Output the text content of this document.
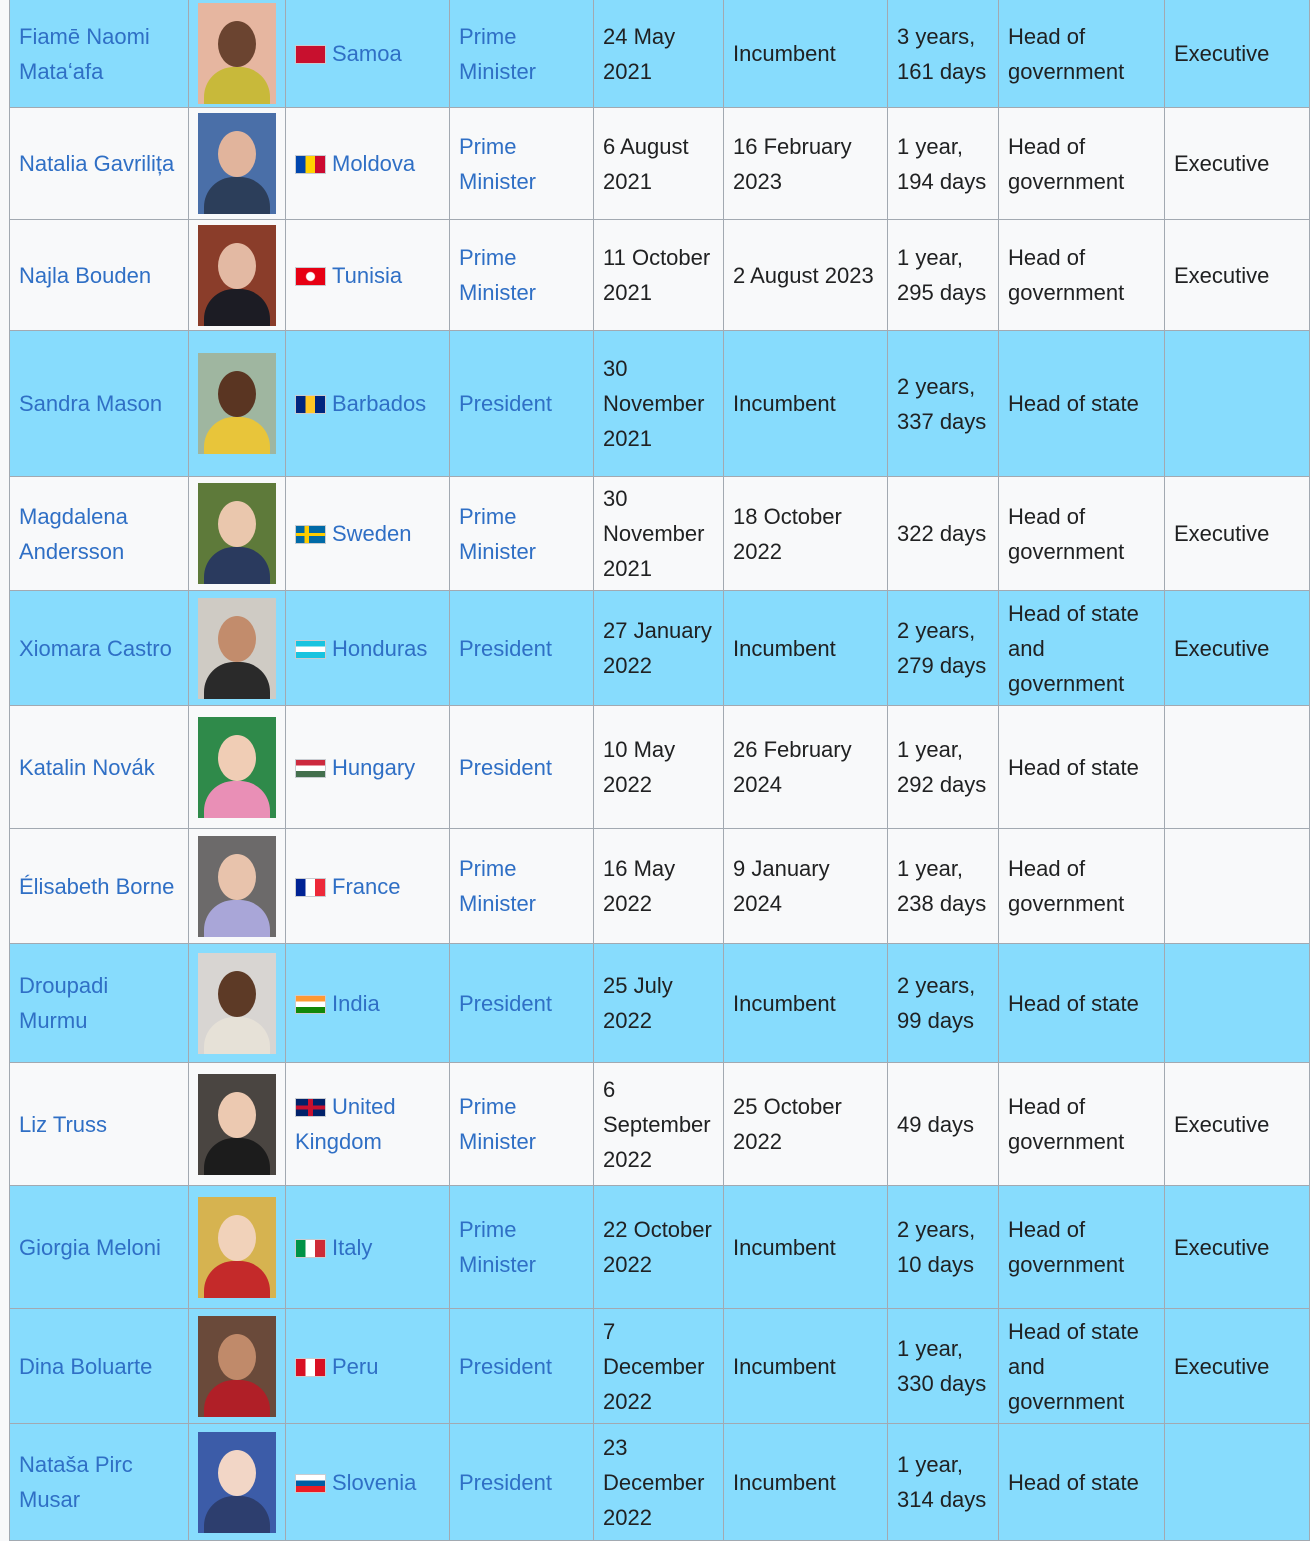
Fiamē Naomi Mataʻafa		Samoa	Prime Minister	24 May 2021	Incumbent	3 years, 161 days	Head of government	Executive
Natalia Gavrilița		Moldova	Prime Minister	6 August 2021	16 February 2023	1 year, 194 days	Head of government	Executive
Najla Bouden		Tunisia	Prime Minister	11 October 2021	2 August 2023	1 year, 295 days	Head of government	Executive
Sandra Mason		Barbados	President	30 November 2021	Incumbent	2 years, 337 days	Head of state	
Magdalena Andersson		Sweden	Prime Minister	30 November 2021	18 October 2022	322 days	Head of government	Executive
Xiomara Castro		Honduras	President	27 January 2022	Incumbent	2 years, 279 days	Head of state and government	Executive
Katalin Novák		Hungary	President	10 May 2022	26 February 2024	1 year, 292 days	Head of state	
Élisabeth Borne		France	Prime Minister	16 May 2022	9 January 2024	1 year, 238 days	Head of government	
Droupadi Murmu		India	President	25 July 2022	Incumbent	2 years, 99 days	Head of state	
Liz Truss		United Kingdom	Prime Minister	6 September 2022	25 October 2022	49 days	Head of government	Executive
Giorgia Meloni		Italy	Prime Minister	22 October 2022	Incumbent	2 years, 10 days	Head of government	Executive
Dina Boluarte		Peru	President	7 December 2022	Incumbent	1 year, 330 days	Head of state and government	Executive
Nataša Pirc Musar		Slovenia	President	23 December 2022	Incumbent	1 year, 314 days	Head of state	
